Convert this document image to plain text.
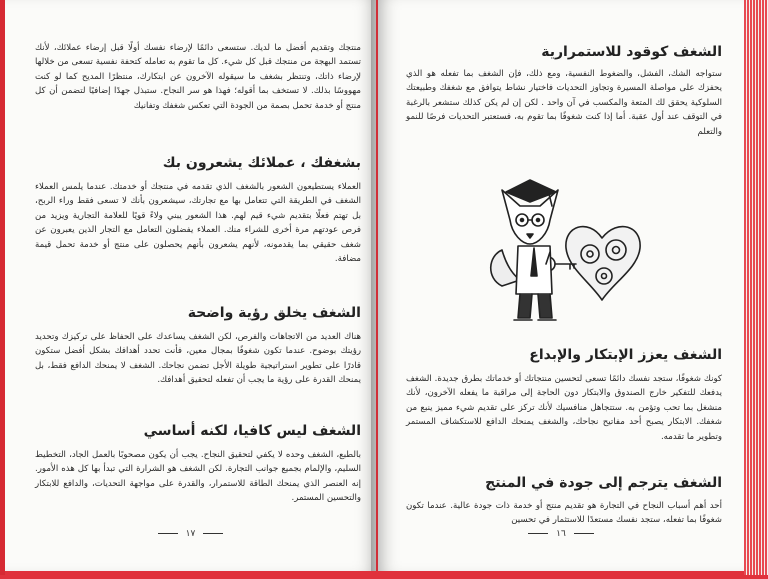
منتجك وتقديم أفضل ما لديك. ستسعى دائمًا لإرضاء نفسك أولًا قبل إرضاء عملائك، لأنك تستمد البهجة من منتجك قبل كل شيء. كل ما تقوم به تعامله كتحفة نفسية تسعى من خلالها لإرضاء ذاتك، وتنتظر بشغف ما سيقوله الآخرون عن ابتكارك، منتظرًا المديح كما لو كنت مهووسًا بذلك. لا تستخف بما أقوله؛ فهذا هو سر النجاح. ستبذل جهدًا إضافيًا لتضمن أن كل منتج أو خدمة تحمل بصمة من الجودة التي تعكس شغفك وتفانيك

بشغفك ، عملائك يشعرون بك

العملاء يستطيعون الشعور بالشغف الذي تقدمه في منتجك أو خدمتك. عندما يلمس العملاء الشغف في الطريقة التي تتعامل بها مع تجارتك، سيشعرون بأنك لا تسعى فقط وراء الربح، بل تهتم فعلًا بتقديم شيء قيم لهم. هذا الشعور يبني ولاءً قويًا للعلامة التجارية ويزيد من فرص عودتهم مرة أخرى للشراء منك. العملاء يفضلون التعامل مع التجار الذين يعبرون عن شغف حقيقي بما يقدمونه، لأنهم يشعرون بأنهم يحصلون على منتج أو خدمة تحمل قيمة مضافة.

الشغف يخلق رؤية واضحة

هناك العديد من الاتجاهات والفرص، لكن الشغف يساعدك على الحفاظ على تركيزك وتحديد رؤيتك بوضوح. عندما تكون شغوفًا بمجال معين، فأنت تحدد أهدافك بشكل أفضل ستكون قادرًا على تطوير استراتيجية طويلة الأجل تضمن نجاحك. الشغف لا يمنحك الدافع فقط، بل يمنحك القدرة على رؤية ما يجب أن تفعله لتحقيق أهدافك.

الشغف ليس كافيا، لكنه أساسي

بالطبع، الشغف وحده لا يكفي لتحقيق النجاح. يجب أن يكون مصحوبًا بالعمل الجاد، التخطيط السليم، والإلمام بجميع جوانب التجارة. لكن الشغف هو الشرارة التي تبدأ بها كل هذه الأمور. إنه العنصر الذي يمنحك الطاقة للاستمرار، والقدرة على مواجهة التحديات، والدافع للابتكار والتحسين المستمر.

١٧
الشغف كوقود للاستمرارية

ستواجه الشك، الفشل، والضغوط النفسية، ومع ذلك، فإن الشغف بما تفعله هو الذي يحفزك على مواصلة المسيرة وتجاوز التحديات فاختيار نشاط يتوافق مع شغفك وطبيعتك السلوكية يحقق لك المتعة والمكسب في آن واحد . لكن إن لم يكن كذلك ستشعر بالرغبة في التوقف عند أول عقبة. أما إذا كنت شغوفًا بما تقوم به، فستعتبر التحديات فرصًا للنمو والتعلم

الشغف يعزز الإبتكار والإبداع

كونك شغوفًا، ستجد نفسك دائمًا تسعى لتحسين منتجاتك أو خدماتك بطرق جديدة. الشغف يدفعك للتفكير خارج الصندوق والابتكار دون الحاجة إلى مراقبة ما يفعله الآخرون، لأنك منشغل بما تحب وتؤمن به. ستتجاهل منافسيك لأنك تركز على تقديم شيء مميز ينبع من شغفك. الابتكار يصبح أحد مفاتيح نجاحك، والشغف يمنحك الدافع للاستكشاف المستمر وتطوير ما تقدمه.

الشغف يترجم إلى جودة في المنتج

أحد أهم أسباب النجاح في التجارة هو تقديم منتج أو خدمة ذات جودة عالية. عندما تكون شغوفًا بما تفعله، ستجد نفسك مستعدًا للاستثمار في تحسين

١٦
